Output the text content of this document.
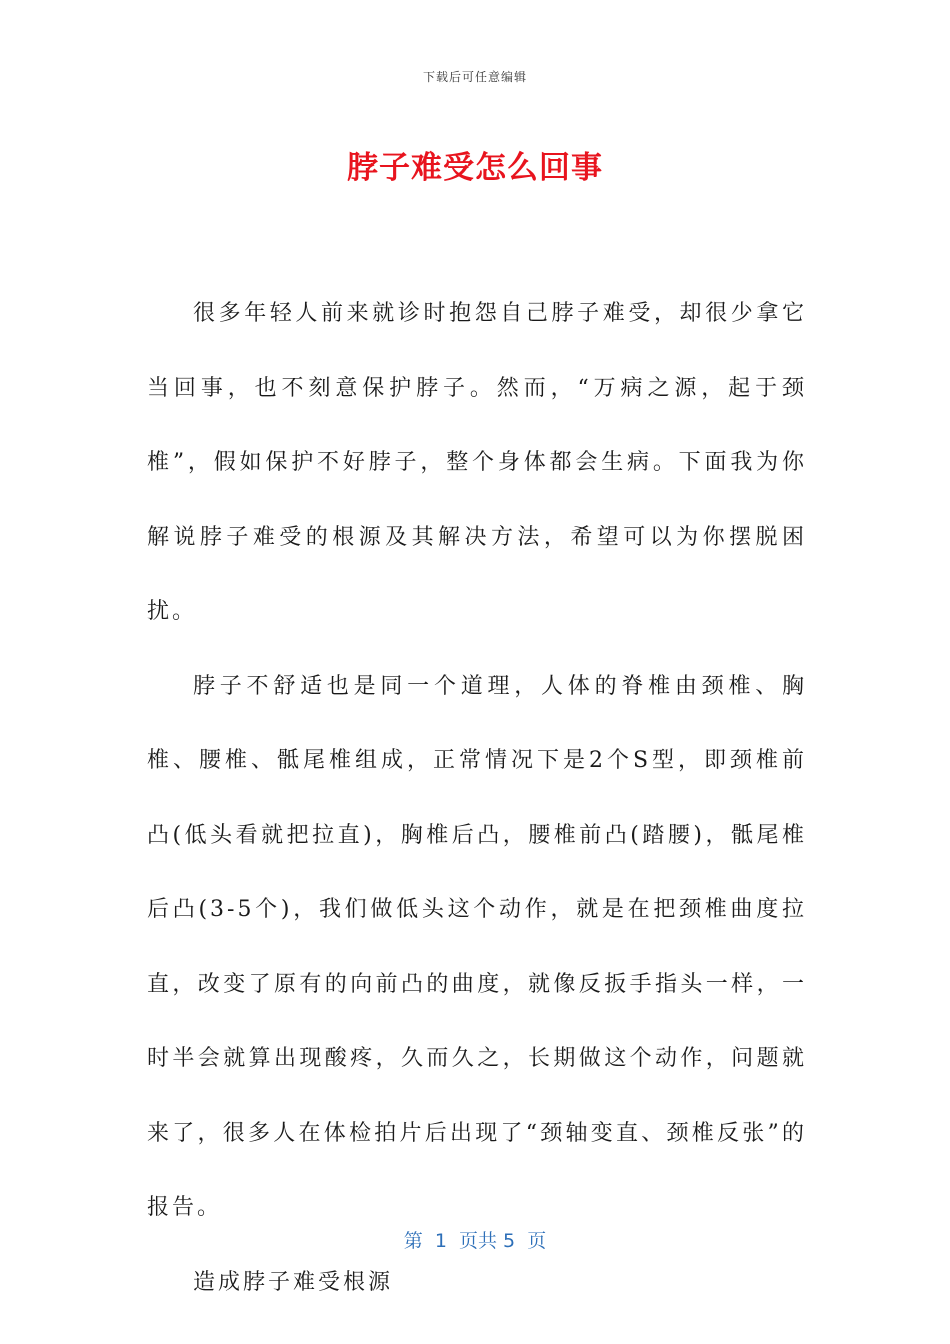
下载后可任意编辑
脖子难受怎么回事

很多年轻人前来就诊时抱怨自己脖子难受，却很少拿它当回事，也不刻意保护脖子。然而，“万病之源，起于颈椎”，假如保护不好脖子，整个身体都会生病。下面我为你解说脖子难受的根源及其解决方法，希望可以为你摆脱困扰。

脖子不舒适也是同一个道理，人体的脊椎由颈椎、胸椎、腰椎、骶尾椎组成，正常情况下是2个S型，即颈椎前凸(低头看就把拉直)，胸椎后凸，腰椎前凸(踏腰)，骶尾椎后凸(3-5个)，我们做低头这个动作，就是在把颈椎曲度拉直，改变了原有的向前凸的曲度，就像反扳手指头一样，一时半会就算出现酸疼，久而久之，长期做这个动作，问题就来了，很多人在体检拍片后出现了“颈轴变直、颈椎反张”的报告。

造成脖子难受根源

第  1  页共 5  页
